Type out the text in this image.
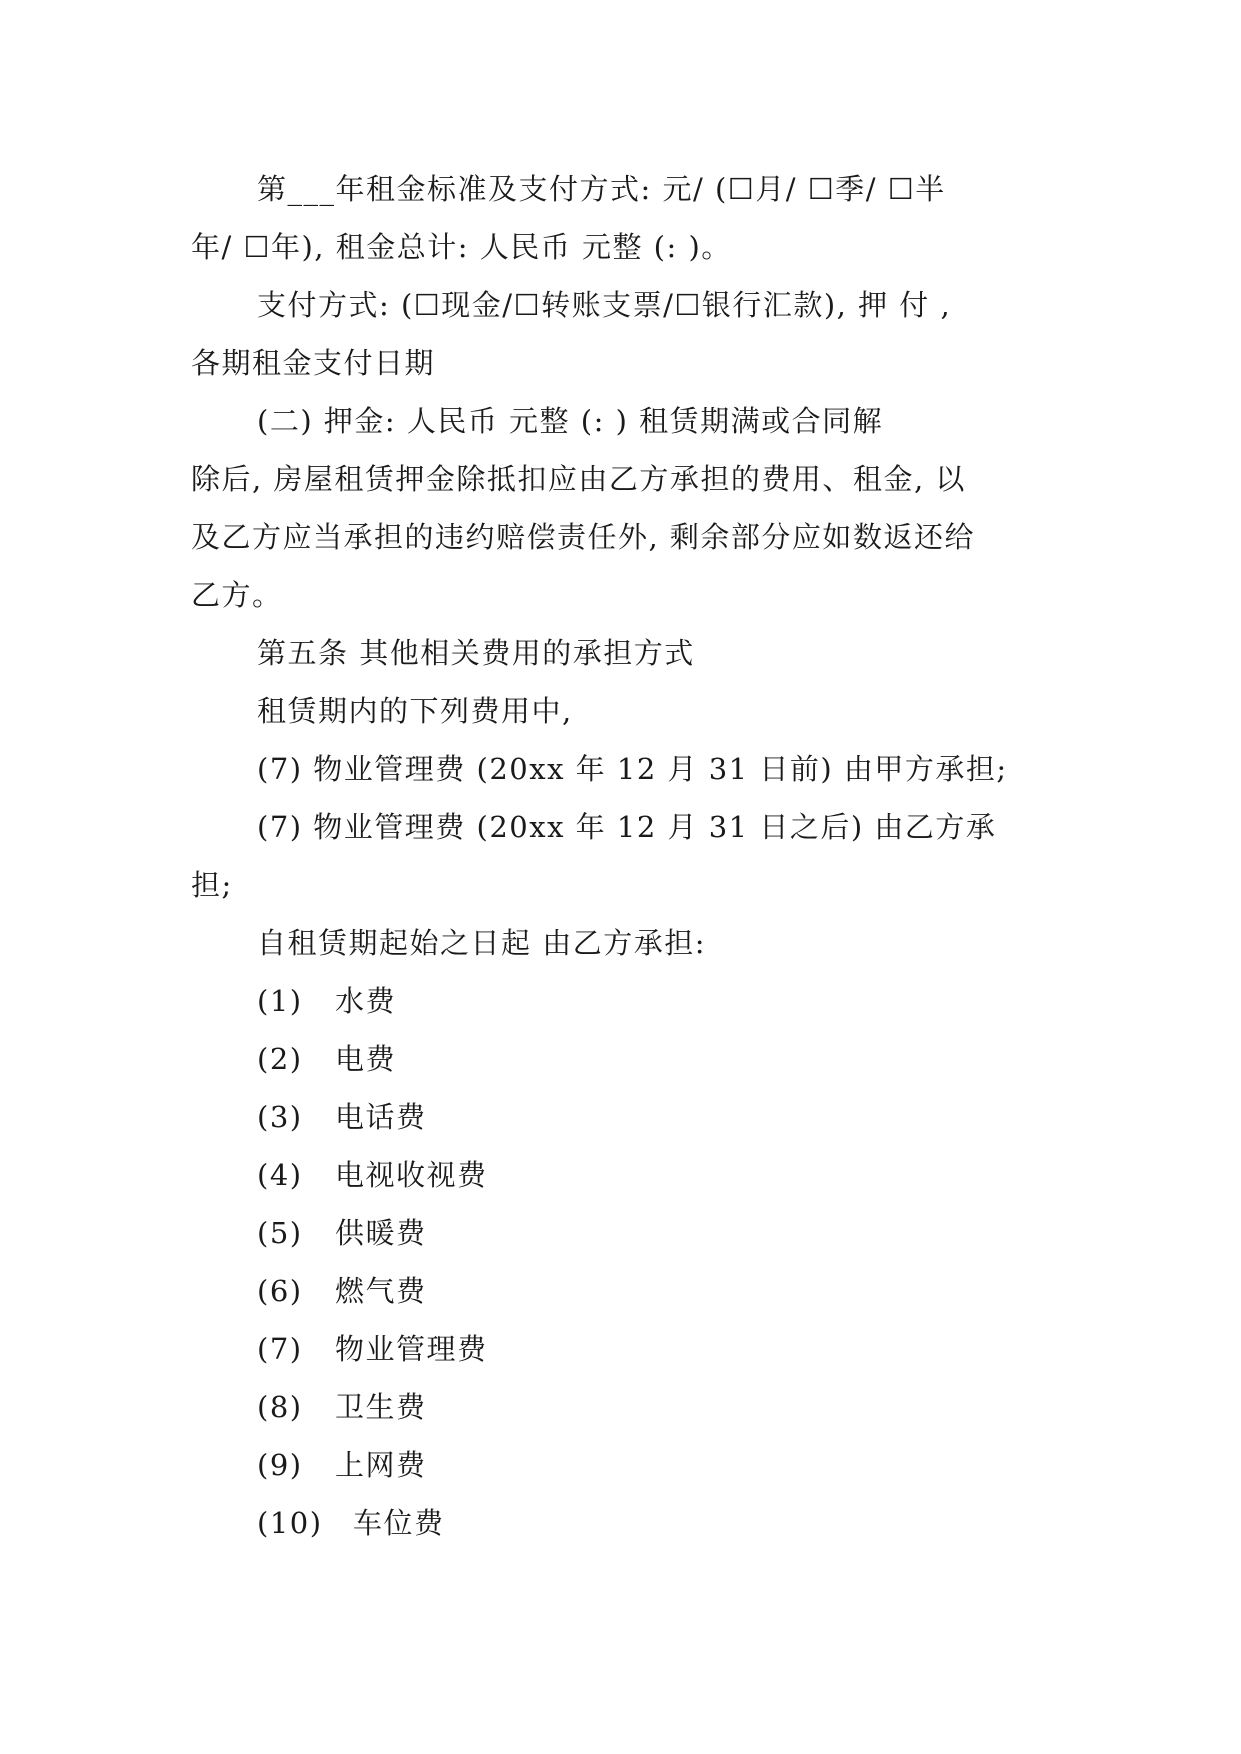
第___年租金标准及支付方式: 元/ (☐月/ ☐季/ ☐半
年/ ☐年), 租金总计: 人民币 元整 (: )。
支付方式: (☐现金/☐转账支票/☐银行汇款), 押 付 ,
各期租金支付日期
(二) 押金: 人民币 元整 (: ) 租赁期满或合同解
除后, 房屋租赁押金除抵扣应由乙方承担的费用、租金, 以
及乙方应当承担的违约赔偿责任外, 剩余部分应如数返还给
乙方。
第五条 其他相关费用的承担方式
租赁期内的下列费用中,
(7) 物业管理费 (20xx 年 12 月 31 日前) 由甲方承担;
(7) 物业管理费 (20xx 年 12 月 31 日之后) 由乙方承
担;
自租赁期起始之日起 由乙方承担:
(1) 水费
(2) 电费
(3) 电话费
(4) 电视收视费
(5) 供暖费
(6) 燃气费
(7) 物业管理费
(8) 卫生费
(9) 上网费
(10) 车位费
